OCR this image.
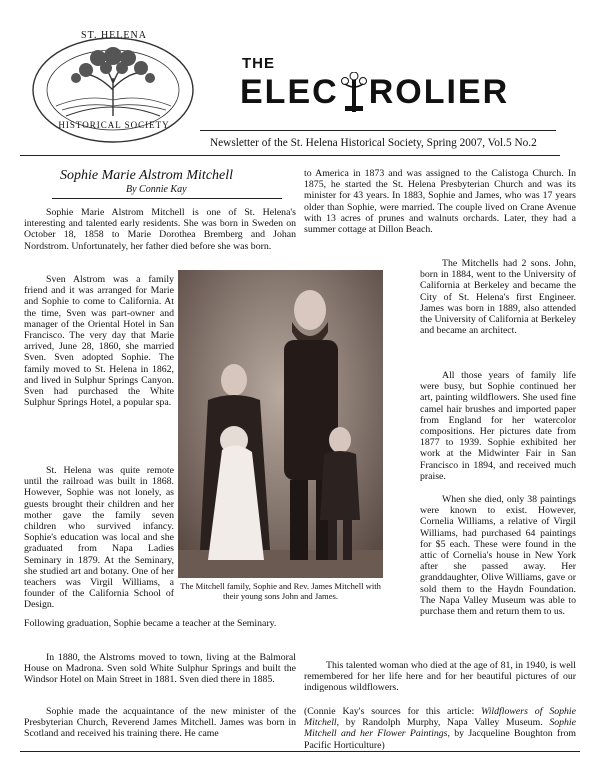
ST. HELENA
HISTORICAL SOCIETY
THE
ELEC ROLIER
Newsletter of the St. Helena Historical Society, Spring 2007, Vol.5 No.2
Sophie Marie Alstrom Mitchell
By Connie Kay

Sophie Marie Alstrom Mitchell is one of St. Helena's interesting and talented early residents. She was born in Sweden on October 18, 1858 to Marie Dorothea Bremberg and Johan Nordstrom. Unfortunately, her father died before she was born.

Sven Alstrom was a family friend and it was arranged for Marie and Sophie to come to California. At the time, Sven was part-owner and manager of the Oriental Hotel in San Francisco. The very day that Marie arrived, June 28, 1860, she married Sven. Sven adopted Sophie. The family moved to St. Helena in 1862, and lived in Sulphur Springs Canyon. Sven had purchased the White Sulphur Springs Hotel, a popular spa.

St. Helena was quite remote until the railroad was built in 1868. However, Sophie was not lonely, as guests brought their children and her mother gave the family seven children who survived infancy. Sophie's education was local and she graduated from Napa Ladies Seminary in 1879. At the Seminary, she studied art and botany. One of her teachers was Virgil Williams, a founder of the California School of Design.

Following graduation, Sophie became a teacher at the Seminary.

In 1880, the Alstroms moved to town, living at the Balmoral House on Madrona. Sven sold White Sulphur Springs and built the Windsor Hotel on Main Street in 1881. Sven died there in 1885.

Sophie made the acquaintance of the new minister of the Presbyterian Church, Reverend James Mitchell. James was born in Scotland and received his training there. He came

The Mitchell family, Sophie and Rev. James Mitchell with their young sons John and James.

to America in 1873 and was assigned to the Calistoga Church. In 1875, he started the St. Helena Presbyterian Church and was its minister for 43 years. In 1883, Sophie and James, who was 17 years older than Sophie, were married. The couple lived on Crane Avenue with 13 acres of prunes and walnuts orchards. Later, they had a summer cottage at Dillon Beach.

The Mitchells had 2 sons. John, born in 1884, went to the University of California at Berkeley and became the City of St. Helena's first Engineer. James was born in 1889, also attended the University of California at Berkeley and became an architect.

All those years of family life were busy, but Sophie continued her art, painting wildflowers. She used fine camel hair brushes and imported paper from England for her watercolor compositions. Her pictures date from 1877 to 1939. Sophie exhibited her work at the Midwinter Fair in San Francisco in 1894, and received much praise.

When she died, only 38 paintings were known to exist. However, Cornelia Williams, a relative of Virgil Williams, had purchased 64 paintings for $5 each. These were found in the attic of Cornelia's house in New York after she passed away. Her granddaughter, Olive Williams, gave or sold them to the Haydn Foundation. The Napa Valley Museum was able to purchase them and return them to us.

This talented woman who died at the age of 81, in 1940, is well remembered for her life here and for her beautiful pictures of our indigenous wildflowers.

(Connie Kay's sources for this article: Wildflowers of Sophie Mitchell, by Randolph Murphy, Napa Valley Museum. Sophie Mitchell and her Flower Paintings, by Jacqueline Boughton from Pacific Horticulture)
